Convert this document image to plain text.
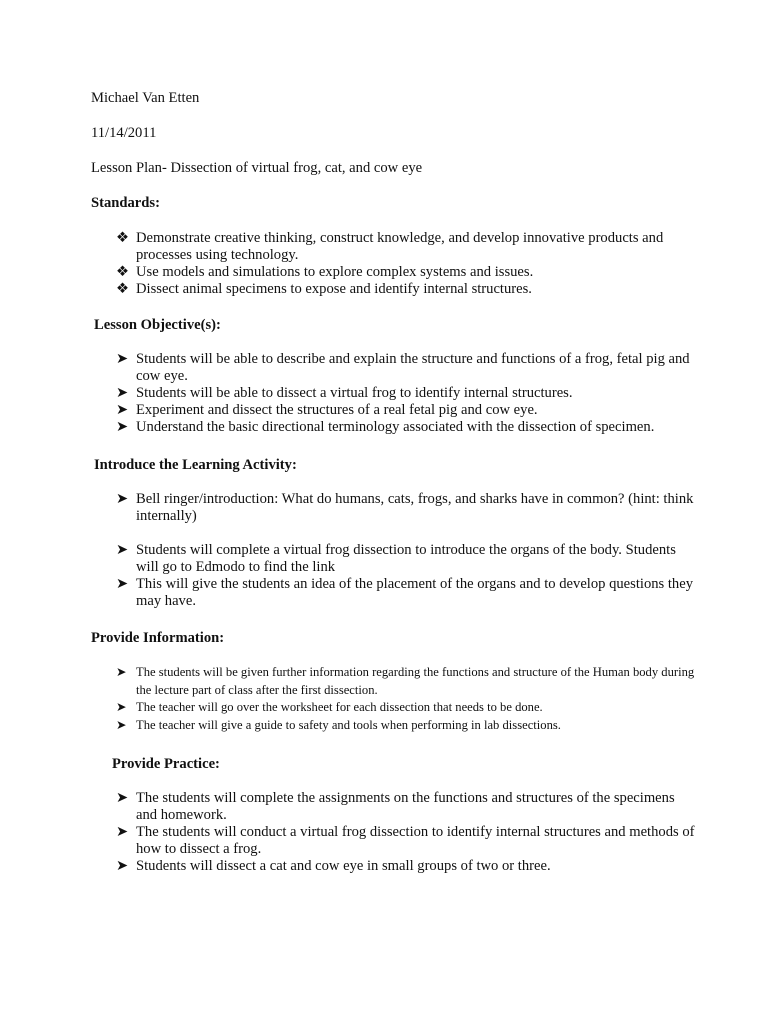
Michael Van Etten
11/14/2011
Lesson Plan- Dissection of virtual frog, cat, and cow eye
Standards:
❖ Demonstrate creative thinking, construct knowledge, and develop innovative products and processes using technology.
❖ Use models and simulations to explore complex systems and issues.
❖ Dissect animal specimens to expose and identify internal structures.
Lesson Objective(s):
➤ Students will be able to describe and explain the structure and functions of a frog, fetal pig and cow eye.
➤ Students will be able to dissect a virtual frog to identify internal structures.
➤ Experiment and dissect the structures of a real fetal pig and cow eye.
➤ Understand the basic directional terminology associated with the dissection of specimen.
Introduce the Learning Activity:
➤ Bell ringer/introduction: What do humans, cats, frogs, and sharks have in common? (hint: think internally)
➤ Students will complete a virtual frog dissection to introduce the organs of the body. Students will go to Edmodo to find the link
➤ This will give the students an idea of the placement of the organs and to develop questions they may have.
Provide Information:
➤ The students will be given further information regarding the functions and structure of the Human body during the lecture part of class after the first dissection.
➤ The teacher will go over the worksheet for each dissection that needs to be done.
➤ The teacher will give a guide to safety and tools when performing in lab dissections.
Provide Practice:
➤ The students will complete the assignments on the functions and structures of the specimens and homework.
➤ The students will conduct a virtual frog dissection to identify internal structures and methods of how to dissect a frog.
➤ Students will dissect a cat and cow eye in small groups of two or three.
